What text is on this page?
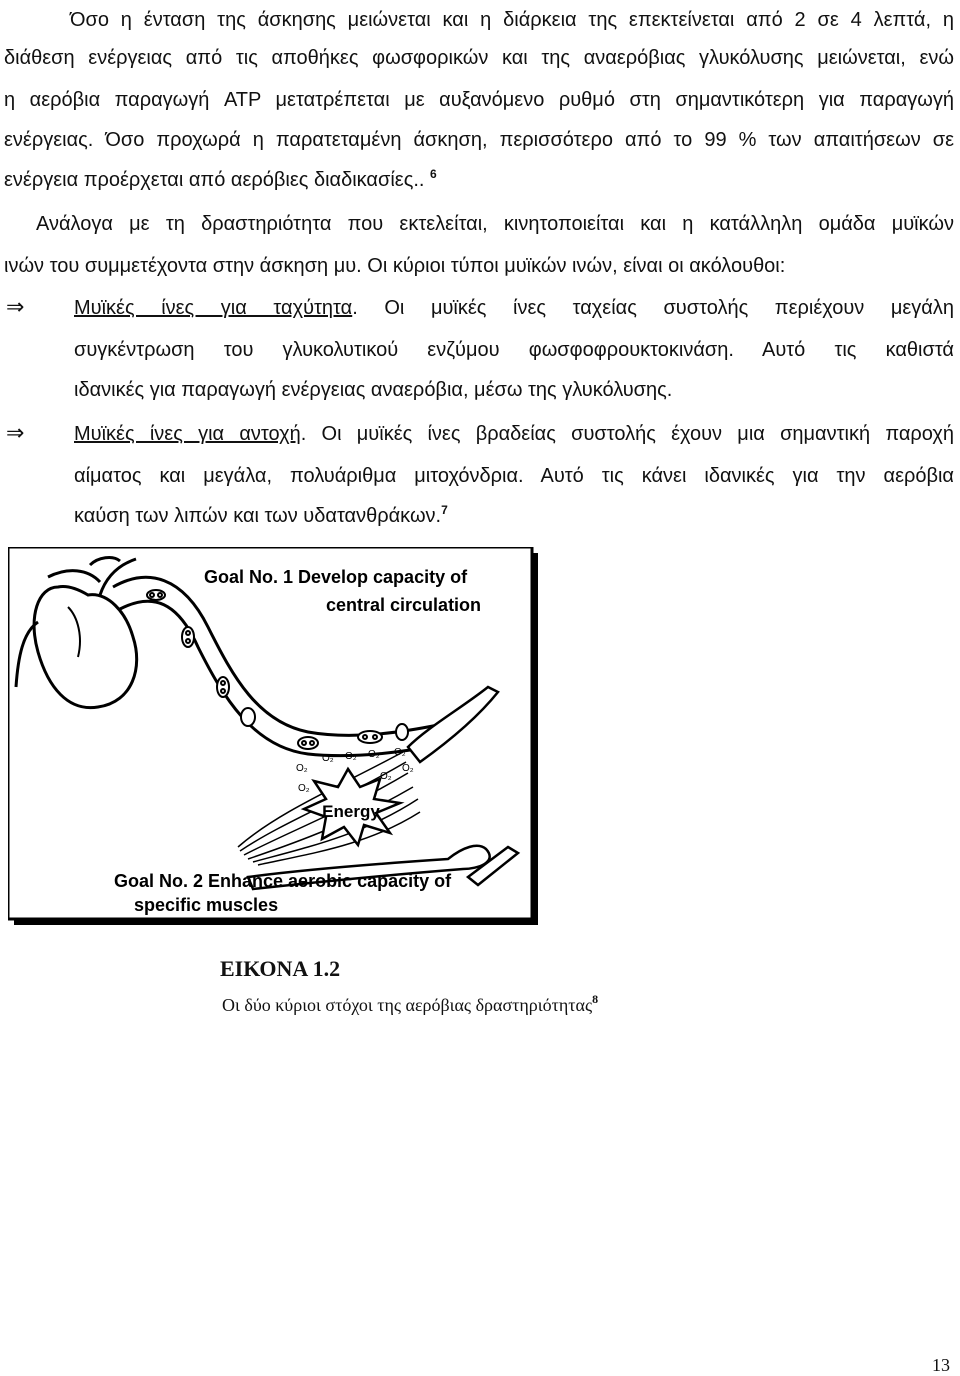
Όσο η ένταση της άσκησης μειώνεται και η διάρκεια της επεκτείνεται από 2 σε 4 λεπτά, η
διάθεση ενέργειας από τις αποθήκες φωσφορικών και της αναερόβιας γλυκόλυσης μειώνεται, ενώ
η αερόβια παραγωγή ATP μετατρέπεται με αυξανόμενο ρυθμό στη σημαντικότερη για παραγωγή
ενέργειας. Όσο προχωρά η παρατεταμένη άσκηση, περισσότερο από το 99 % των απαιτήσεων σε
ενέργεια προέρχεται από αερόβιες διαδικασίες.. $^6$
Ανάλογα με τη δραστηριότητα που εκτελείται, κινητοποιείται και η κατάλληλη ομάδα μυϊκών
ινών του συμμετέχοντα στην άσκηση μυ. Οι κύριοι τύποι μυϊκών ινών, είναι οι ακόλουθοι:
⇒ Μυϊκές ίνες για ταχύτητα. Οι μυϊκές ίνες ταχείας συστολής περιέχουν μεγάλη
συγκέντρωση του γλυκολυτικού ενζύμου φωσφοφρουκτοκινάση. Αυτό τις καθιστά
ιδανικές για παραγωγή ενέργειας αναερόβια, μέσω της γλυκόλυσης.
⇒ Μυϊκές ίνες για αντοχή. Οι μυϊκές ίνες βραδείας συστολής έχουν μια σημαντική παροχή
αίματος και μεγάλα, πολυάριθμα μιτοχόνδρια. Αυτό τις κάνει ιδανικές για την αερόβια
καύση των λιπών και των υδατανθράκων.$^7$
O₂
O₂ O₂ O₂ O₂
O₂
O₂
O₂
Energy
Goal No. 1 Develop capacity of
central circulation
Goal No. 2 Enhance aerobic capacity of
specific muscles
ΕΙΚΟΝΑ 1.2
Οι δύο κύριοι στόχοι της αερόβιας δραστηριότητας$^8$
13
